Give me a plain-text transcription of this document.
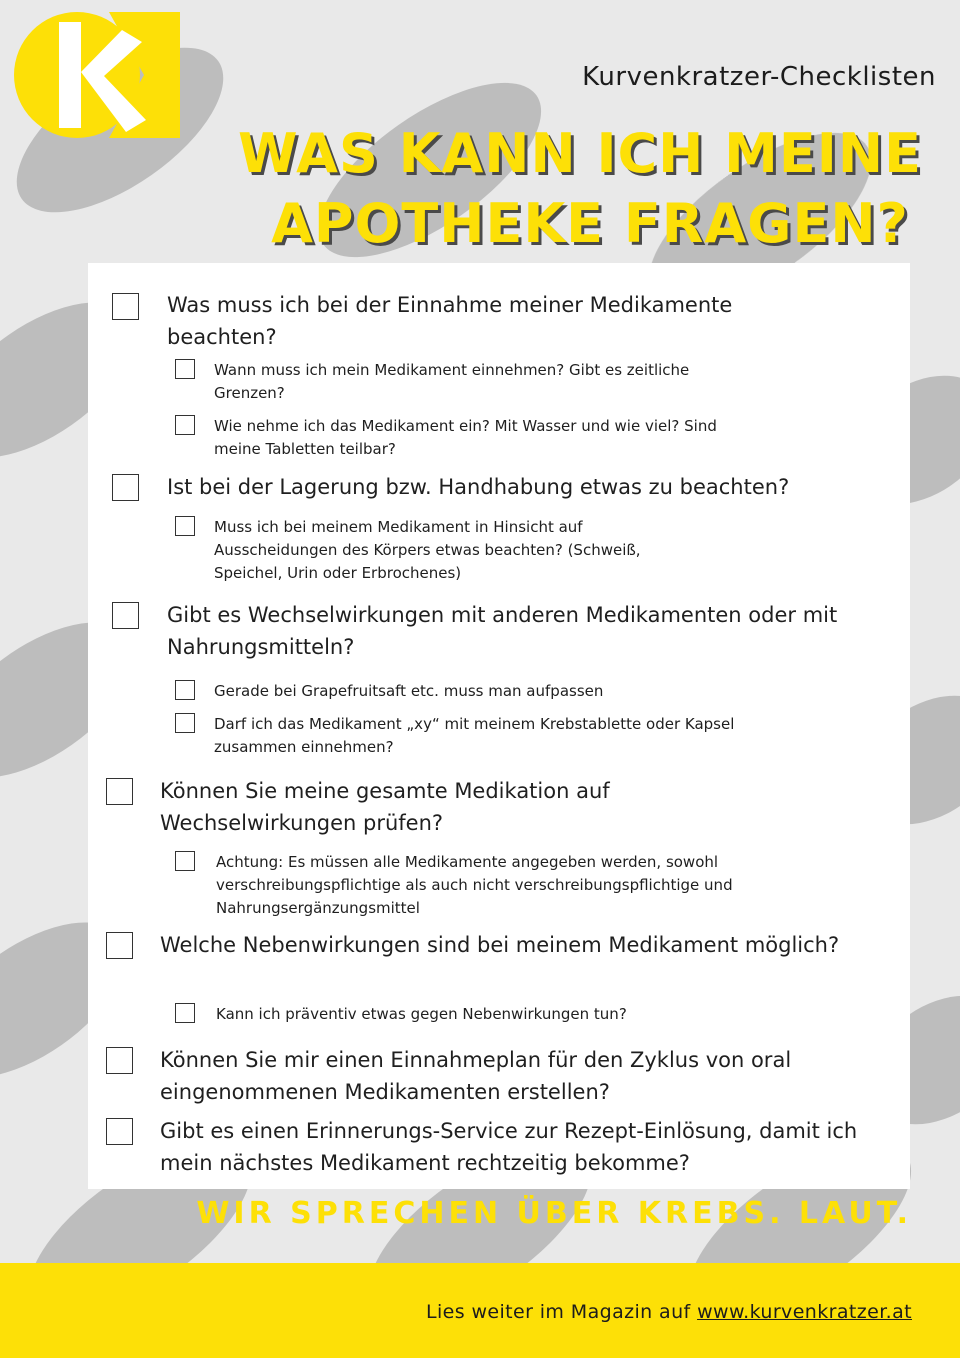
Kurvenkratzer-Checklisten
WAS KANN ICH MEINE
APOTHEKE FRAGEN?
Was muss ich bei der Einnahme meiner Medikamente beachten?
Wann muss ich mein Medikament einnehmen? Gibt es zeitliche Grenzen?
Wie nehme ich das Medikament ein? Mit Wasser und wie viel? Sind meine Tabletten teilbar?
Ist bei der Lagerung bzw. Handhabung etwas zu beachten?
Muss ich bei meinem Medikament in Hinsicht auf Ausscheidungen des Körpers etwas beachten? (Schweiß, Speichel, Urin oder Erbrochenes)
Gibt es Wechselwirkungen mit anderen Medikamenten oder mit Nahrungsmitteln?
Gerade bei Grapefruitsaft etc. muss man aufpassen
Darf ich das Medikament „xy“ mit meinem Krebstablette oder Kapsel zusammen einnehmen?
Können Sie meine gesamte Medikation auf Wechselwirkungen prüfen?
Achtung: Es müssen alle Medikamente angegeben werden, sowohl verschreibungspflichtige als auch nicht verschreibungspflichtige und Nahrungsergänzungsmittel
Welche Nebenwirkungen sind bei meinem Medikament möglich?
Kann ich präventiv etwas gegen Nebenwirkungen tun?
Können Sie mir einen Einnahmeplan für den Zyklus von oral eingenommenen Medikamenten erstellen?
Gibt es einen Erinnerungs-Service zur Rezept-Einlösung, damit ich mein nächstes Medikament rechtzeitig bekomme?
WIR SPRECHEN ÜBER KREBS. LAUT.
Lies weiter im Magazin auf www.kurvenkratzer.at
